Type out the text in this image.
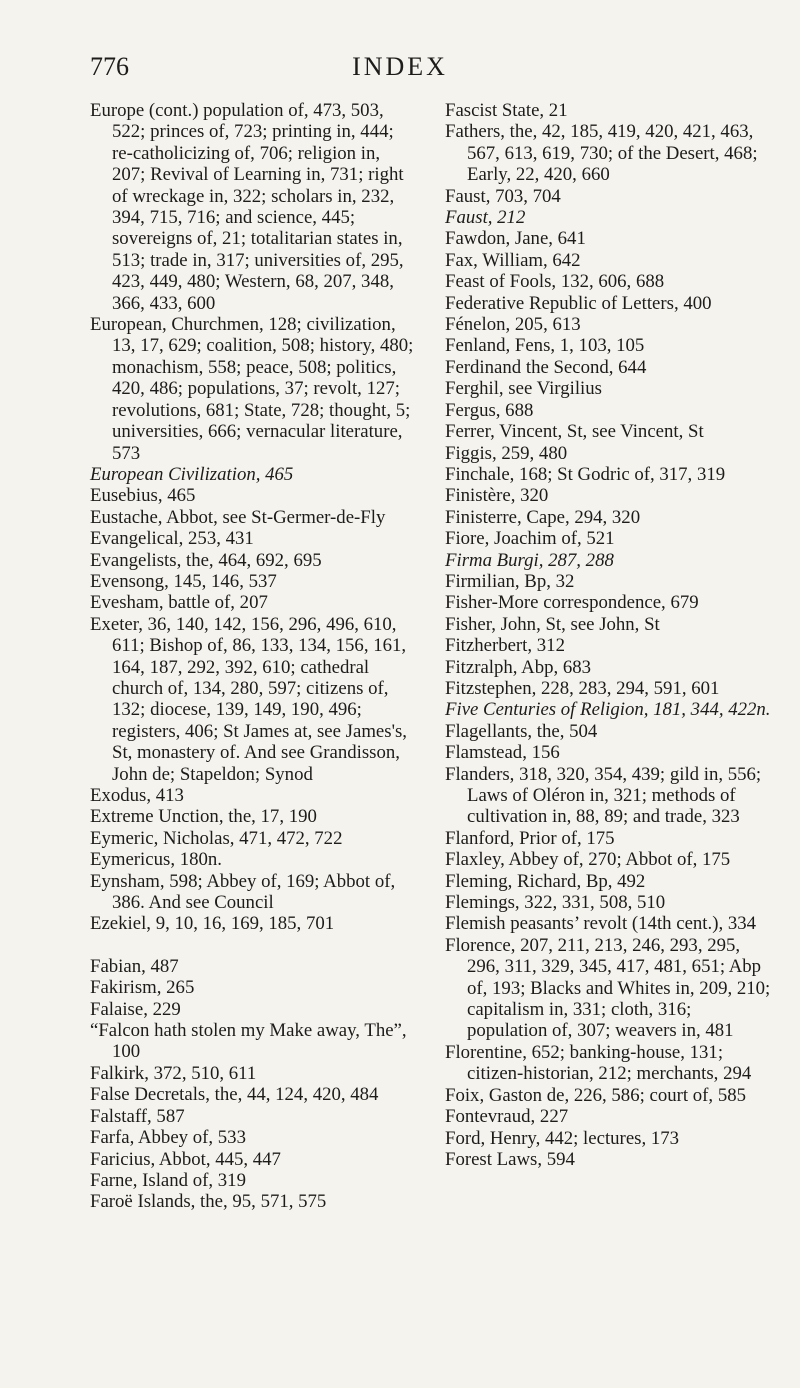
776	INDEX

Europe (cont.) population of, 473, 503, 522; princes of, 723; printing in, 444; re-catholicizing of, 706; religion in, 207; Revival of Learning in, 731; right of wreckage in, 322; scholars in, 232, 394, 715, 716; and science, 445; sovereigns of, 21; totalitarian states in, 513; trade in, 317; universities of, 295, 423, 449, 480; Western, 68, 207, 348, 366, 433, 600

European, Churchmen, 128; civilization, 13, 17, 629; coalition, 508; history, 480; monachism, 558; peace, 508; politics, 420, 486; populations, 37; revolt, 127; revolutions, 681; State, 728; thought, 5; universities, 666; vernacular literature, 573

European Civilization, 465

Eusebius, 465

Eustache, Abbot, see St-Germer-de-Fly

Evangelical, 253, 431

Evangelists, the, 464, 692, 695

Evensong, 145, 146, 537

Evesham, battle of, 207

Exeter, 36, 140, 142, 156, 296, 496, 610, 611; Bishop of, 86, 133, 134, 156, 161, 164, 187, 292, 392, 610; cathedral church of, 134, 280, 597; citizens of, 132; diocese, 139, 149, 190, 496; registers, 406; St James at, see James's, St, monastery of. And see Grandisson, John de; Stapeldon; Synod

Exodus, 413

Extreme Unction, the, 17, 190

Eymeric, Nicholas, 471, 472, 722

Eymericus, 180n.

Eynsham, 598; Abbey of, 169; Abbot of, 386. And see Council

Ezekiel, 9, 10, 16, 169, 185, 701

Fabian, 487

Fakirism, 265

Falaise, 229

“Falcon hath stolen my Make away, The”, 100

Falkirk, 372, 510, 611

False Decretals, the, 44, 124, 420, 484

Falstaff, 587

Farfa, Abbey of, 533

Faricius, Abbot, 445, 447

Farne, Island of, 319

Faroë Islands, the, 95, 571, 575

Fascist State, 21

Fathers, the, 42, 185, 419, 420, 421, 463, 567, 613, 619, 730; of the Desert, 468; Early, 22, 420, 660

Faust, 703, 704

Faust, 212

Fawdon, Jane, 641

Fax, William, 642

Feast of Fools, 132, 606, 688

Federative Republic of Letters, 400

Fénelon, 205, 613

Fenland, Fens, 1, 103, 105

Ferdinand the Second, 644

Ferghil, see Virgilius

Fergus, 688

Ferrer, Vincent, St, see Vincent, St

Figgis, 259, 480

Finchale, 168; St Godric of, 317, 319

Finistère, 320

Finisterre, Cape, 294, 320

Fiore, Joachim of, 521

Firma Burgi, 287, 288

Firmilian, Bp, 32

Fisher-More correspondence, 679

Fisher, John, St, see John, St

Fitzherbert, 312

Fitzralph, Abp, 683

Fitzstephen, 228, 283, 294, 591, 601

Five Centuries of Religion, 181, 344, 422n.

Flagellants, the, 504

Flamstead, 156

Flanders, 318, 320, 354, 439; gild in, 556; Laws of Oléron in, 321; methods of cultivation in, 88, 89; and trade, 323

Flanford, Prior of, 175

Flaxley, Abbey of, 270; Abbot of, 175

Fleming, Richard, Bp, 492

Flemings, 322, 331, 508, 510

Flemish peasants’ revolt (14th cent.), 334

Florence, 207, 211, 213, 246, 293, 295, 296, 311, 329, 345, 417, 481, 651; Abp of, 193; Blacks and Whites in, 209, 210; capitalism in, 331; cloth, 316; population of, 307; weavers in, 481

Florentine, 652; banking-house, 131; citizen-historian, 212; merchants, 294

Foix, Gaston de, 226, 586; court of, 585

Fontevraud, 227

Ford, Henry, 442; lectures, 173

Forest Laws, 594
